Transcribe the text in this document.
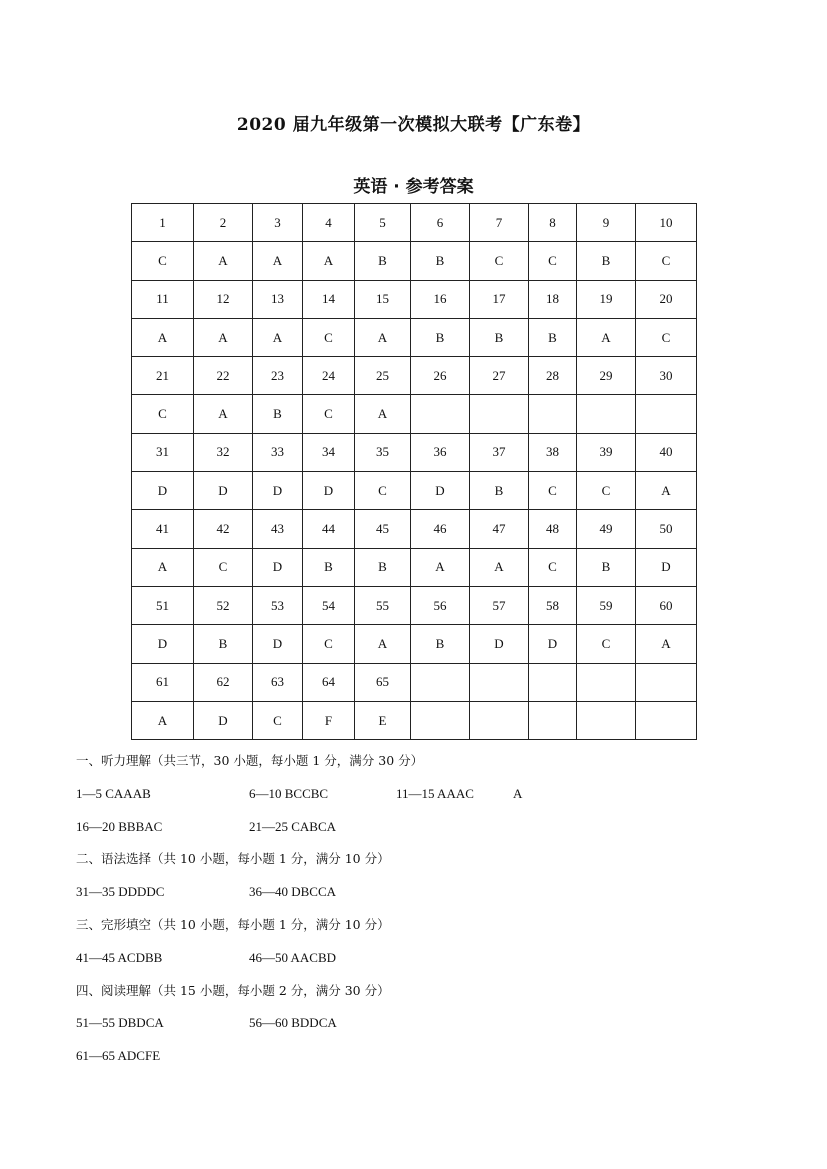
2020 届九年级第一次模拟大联考【广东卷】
英语 · 参考答案
1	2	3	4	5	6	7	8	9	10
C	A	A	A	B	B	C	C	B	C
11	12	13	14	15	16	17	18	19	20
A	A	A	C	A	B	B	B	A	C
21	22	23	24	25	26	27	28	29	30
C	A	B	C	A					
31	32	33	34	35	36	37	38	39	40
D	D	D	D	C	D	B	C	C	A
41	42	43	44	45	46	47	48	49	50
A	C	D	B	B	A	A	C	B	D
51	52	53	54	55	56	57	58	59	60
D	B	D	C	A	B	D	D	C	A
61	62	63	64	65					
A	D	C	F	E					
一、听力理解（共三节，30 小题，每小题 1 分，满分 30 分）
1—5 CAAAB	6—10 BCCBC	11—15 AAAC	A
16—20 BBBAC	21—25 CABCA
二、语法选择（共 10 小题，每小题 1 分，满分 10 分）
31—35 DDDDC	36—40 DBCCA
三、完形填空（共 10 小题，每小题 1 分，满分 10 分）
41—45 ACDBB	46—50 AACBD
四、阅读理解（共 15 小题，每小题 2 分，满分 30 分）
51—55 DBDCA	56—60 BDDCA
61—65 ADCFE
